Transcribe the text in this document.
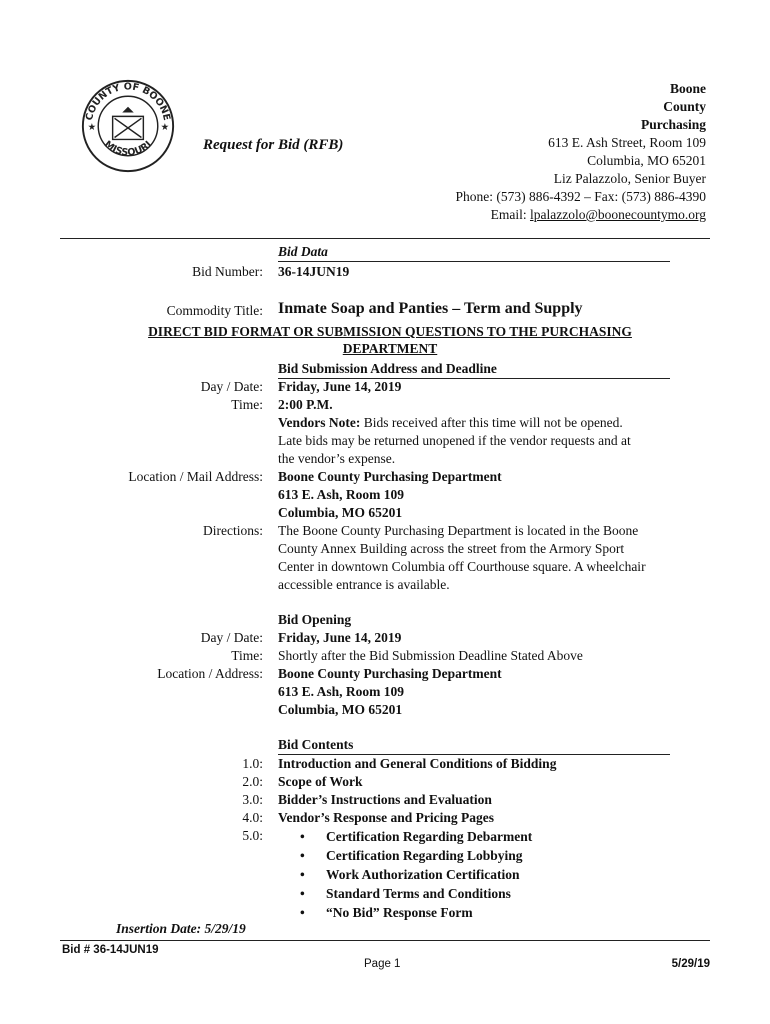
COUNTY OF BOONE
MISSOURI
★	★
Request for Bid (RFB)
Boone
County
Purchasing
613 E. Ash Street, Room 109
Columbia, MO 65201
Liz Palazzolo, Senior Buyer
Phone: (573) 886-4392 – Fax: (573) 886-4390
Email: lpalazzolo@boonecountymo.org
Bid Data
Bid Number: 36-14JUN19
Commodity Title: Inmate Soap and Panties – Term and Supply
DIRECT BID FORMAT OR SUBMISSION QUESTIONS TO THE PURCHASING
DEPARTMENT
Bid Submission Address and Deadline
Day / Date: Friday, June 14, 2019
Time: 2:00 P.M.
Vendors Note: Bids received after this time will not be opened. Late bids may be returned unopened if the vendor requests and at the vendor’s expense.
Location / Mail Address: Boone County Purchasing Department
613 E. Ash, Room 109
Columbia, MO 65201
Directions: The Boone County Purchasing Department is located in the Boone County Annex Building across the street from the Armory Sport Center in downtown Columbia off Courthouse square. A wheelchair accessible entrance is available.
Bid Opening
Day / Date: Friday, June 14, 2019
Time: Shortly after the Bid Submission Deadline Stated Above
Location / Address: Boone County Purchasing Department
613 E. Ash, Room 109
Columbia, MO 65201
Bid Contents
1.0: Introduction and General Conditions of Bidding
2.0: Scope of Work
3.0: Bidder’s Instructions and Evaluation
4.0: Vendor’s Response and Pricing Pages
5.0:
•	Certification Regarding Debarment
• Certification Regarding Lobbying
• Work Authorization Certification
• Standard Terms and Conditions
• “No Bid” Response Form
Insertion Date: 5/29/19
Bid # 36-14JUN19
Page 1	5/29/19
